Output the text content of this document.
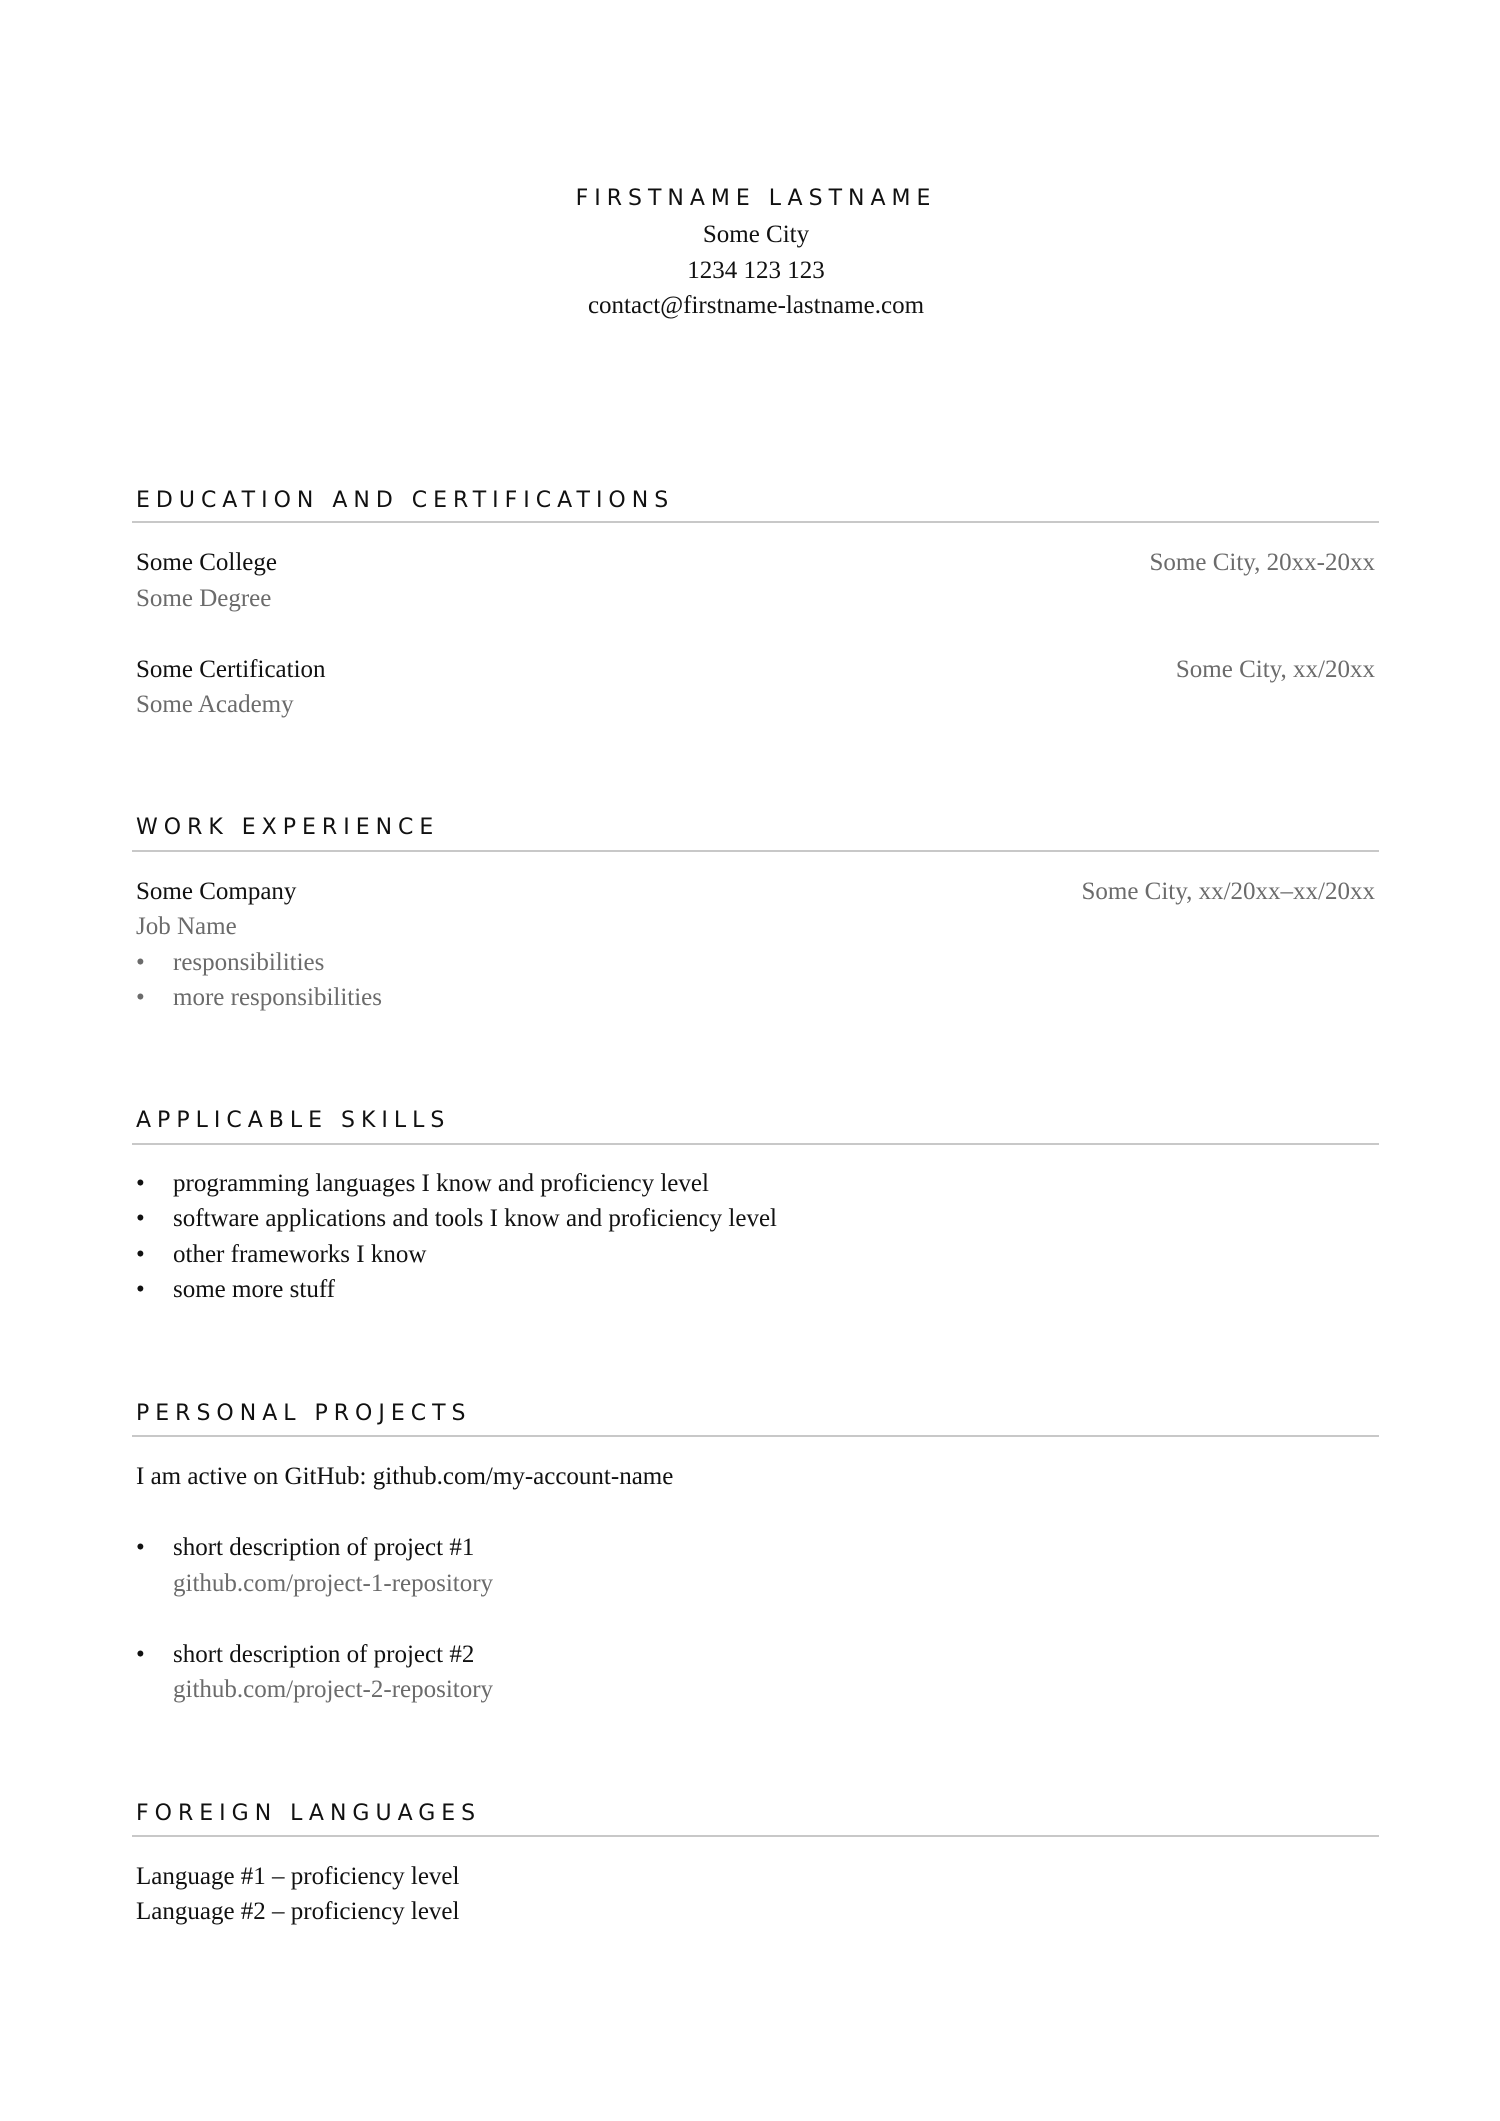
FIRSTNAME LASTNAME
Some City
1234 123 123
contact@firstname-lastname.com
EDUCATION AND CERTIFICATIONS
Some College	Some City, 20xx-20xx
Some Degree
Some Certification	Some City, xx/20xx
Some Academy
WORK EXPERIENCE
Some Company	Some City, xx/20xx–xx/20xx
Job Name
• responsibilities
• more responsibilities
APPLICABLE SKILLS
• programming languages I know and proficiency level
• software applications and tools I know and proficiency level
• other frameworks I know
• some more stuff
PERSONAL PROJECTS
I am active on GitHub: github.com/my-account-name
• short description of project #1
github.com/project-1-repository
• short description of project #2
github.com/project-2-repository
FOREIGN LANGUAGES
Language #1 – proficiency level
Language #2 – proficiency level
